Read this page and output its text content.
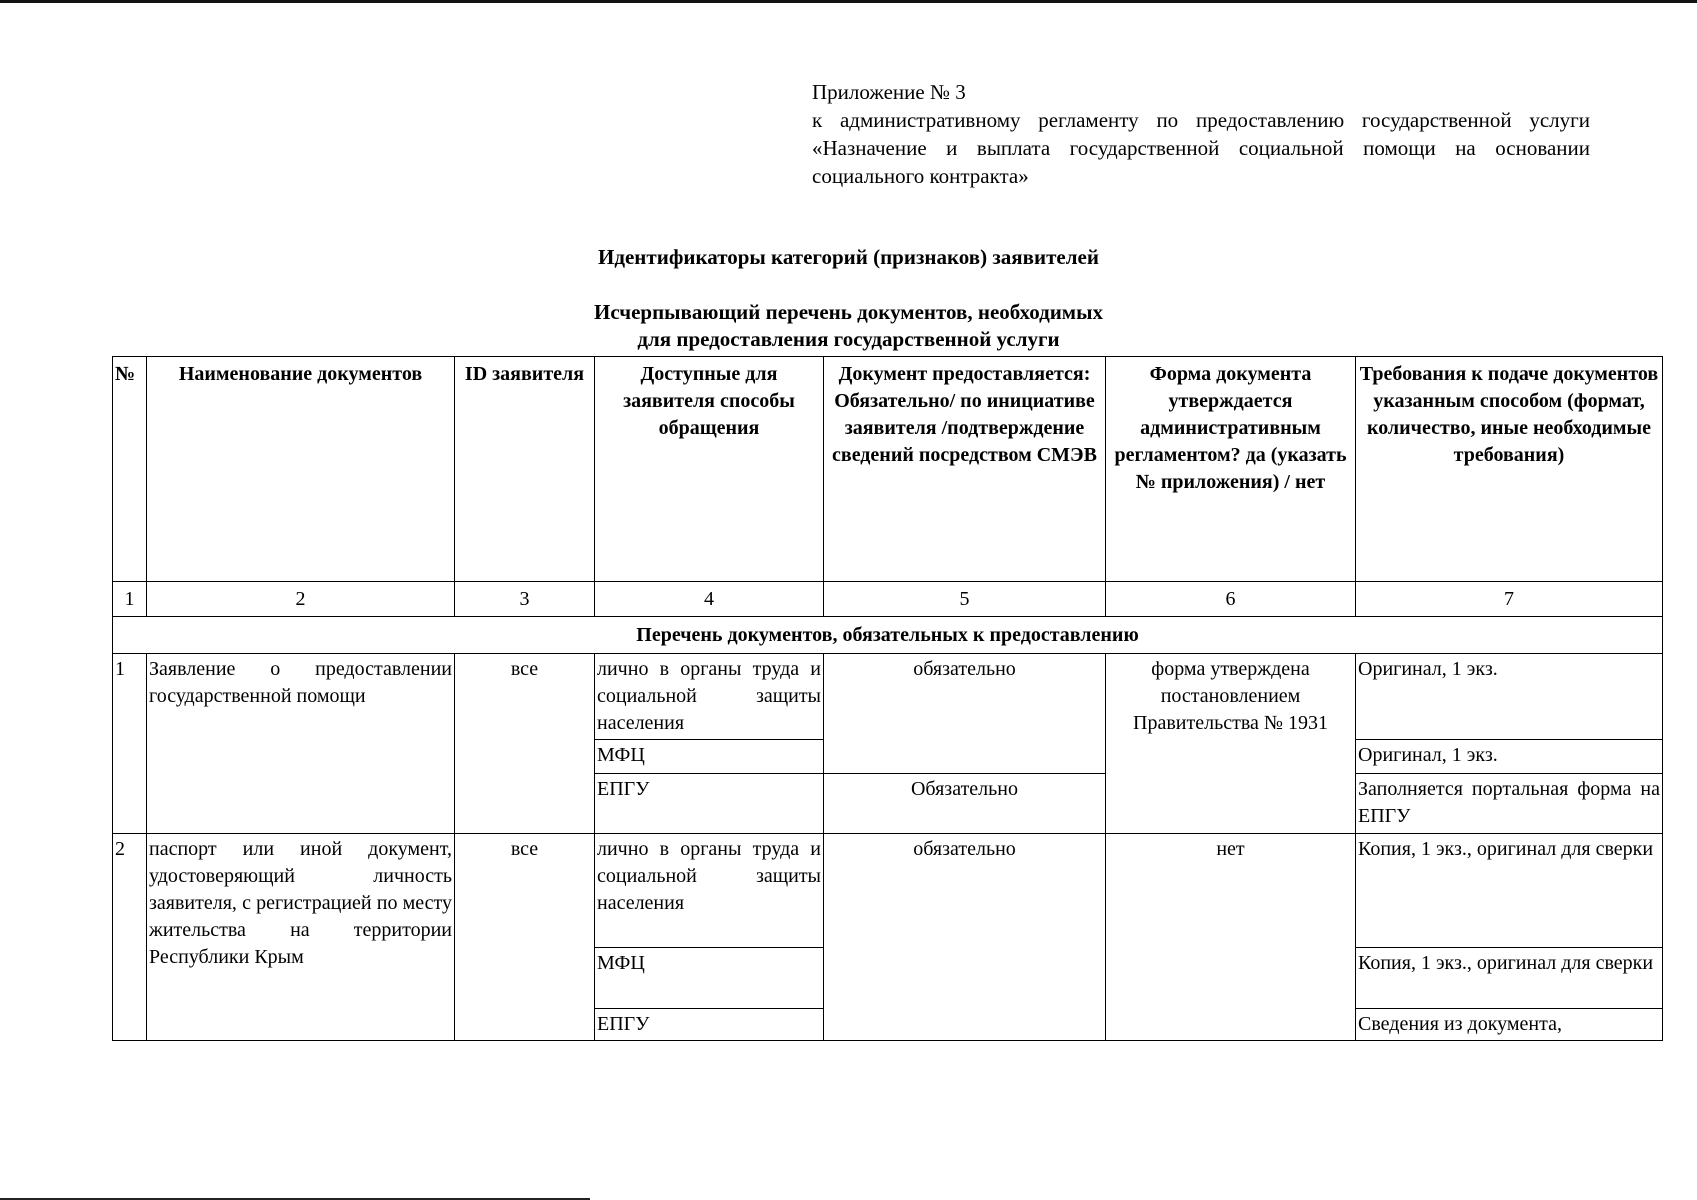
Приложение № 3
к административному регламенту по предоставлению государственной услуги «Назначение и выплата государственной социальной помощи на основании социального контракта»
Идентификаторы категорий (признаков) заявителей
Исчерпывающий перечень документов, необходимых
для предоставления государственной услуги
№	Наименование документов	ID заявителя	Доступные для заявителя способы обращения	Документ предоставляется: Обязательно/ по инициативе заявителя /подтверждение сведений посредством СМЭВ	Форма документа утверждается административным регламентом? да (указать № приложения) / нет	Требования к подаче документов указанным способом (формат, количество, иные необходимые требования)
1	2	3	4	5	6	7
Перечень документов, обязательных к предоставлению						
1	Заявление о предоставлении государственной помощи	все	лично в органы труда и социальной защиты населения	обязательно	форма утверждена постановлением Правительства № 1931	Оригинал, 1 экз.
			МФЦ			Оригинал, 1 экз.
			ЕПГУ	Обязательно		Заполняется портальная форма на ЕПГУ
2	паспорт или иной документ, удостоверяющий личность заявителя, с регистрацией по месту жительства на территории Республики Крым	все	лично в органы труда и социальной защиты населения	обязательно	нет	Копия, 1 экз., оригинал для сверки
			МФЦ			Копия, 1 экз., оригинал для сверки
			ЕПГУ			Сведения из документа,
